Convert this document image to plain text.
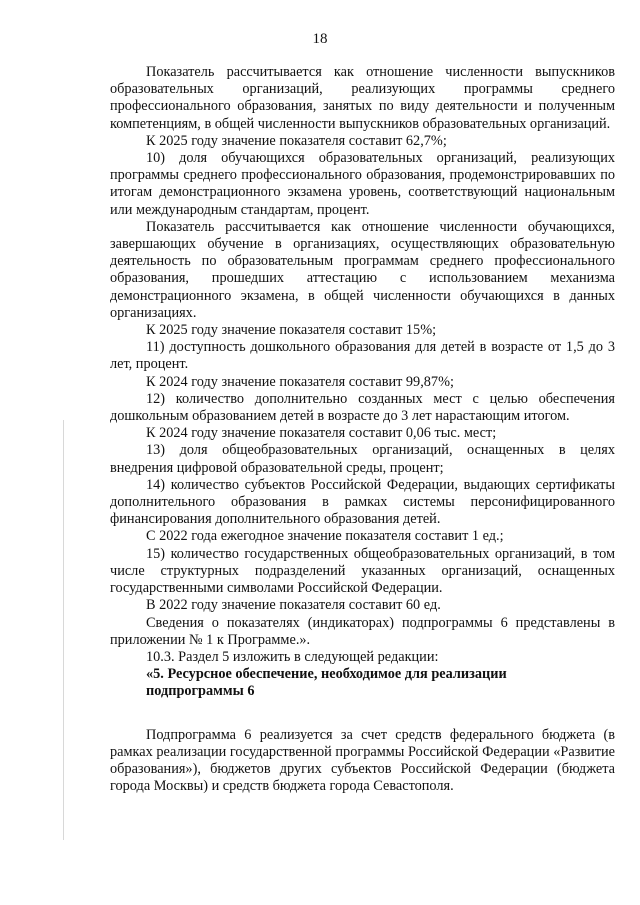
18

Показатель рассчитывается как отношение численности выпускников образовательных организаций, реализующих программы среднего профессионального образования, занятых по виду деятельности и полученным компетенциям, в общей численности выпускников образовательных организаций.

К 2025 году значение показателя составит 62,7%;

10) доля обучающихся образовательных организаций, реализующих программы среднего профессионального образования, продемонстрировавших по итогам демонстрационного экзамена уровень, соответствующий национальным или международным стандартам, процент.

Показатель рассчитывается как отношение численности обучающихся, завершающих обучение в организациях, осуществляющих образовательную деятельность по образовательным программам среднего профессионального образования, прошедших аттестацию с использованием механизма демонстрационного экзамена, в общей численности обучающихся в данных организациях.

К 2025 году значение показателя составит 15%;

11) доступность дошкольного образования для детей в возрасте от 1,5 до 3 лет, процент.

К 2024 году значение показателя составит 99,87%;

12) количество дополнительно созданных мест с целью обеспечения дошкольным образованием детей в возрасте до 3 лет нарастающим итогом.

К 2024 году значение показателя составит 0,06 тыс. мест;

13) доля общеобразовательных организаций, оснащенных в целях внедрения цифровой образовательной среды, процент;

14) количество субъектов Российской Федерации, выдающих сертификаты дополнительного образования в рамках системы персонифицированного финансирования дополнительного образования детей.

С 2022 года ежегодное значение показателя составит 1 ед.;

15) количество государственных общеобразовательных организаций, в том числе структурных подразделений указанных организаций, оснащенных государственными символами Российской Федерации.

В 2022 году значение показателя составит 60 ед.

Сведения о показателях (индикаторах) подпрограммы 6 представлены в приложении № 1 к Программе.».

10.3. Раздел 5 изложить в следующей редакции:

«5. Ресурсное обеспечение, необходимое для реализации

подпрограммы 6

Подпрограмма 6 реализуется за счет средств федерального бюджета (в рамках реализации государственной программы Российской Федерации «Развитие образования»), бюджетов других субъектов Российской Федерации (бюджета города Москвы) и средств бюджета города Севастополя.
